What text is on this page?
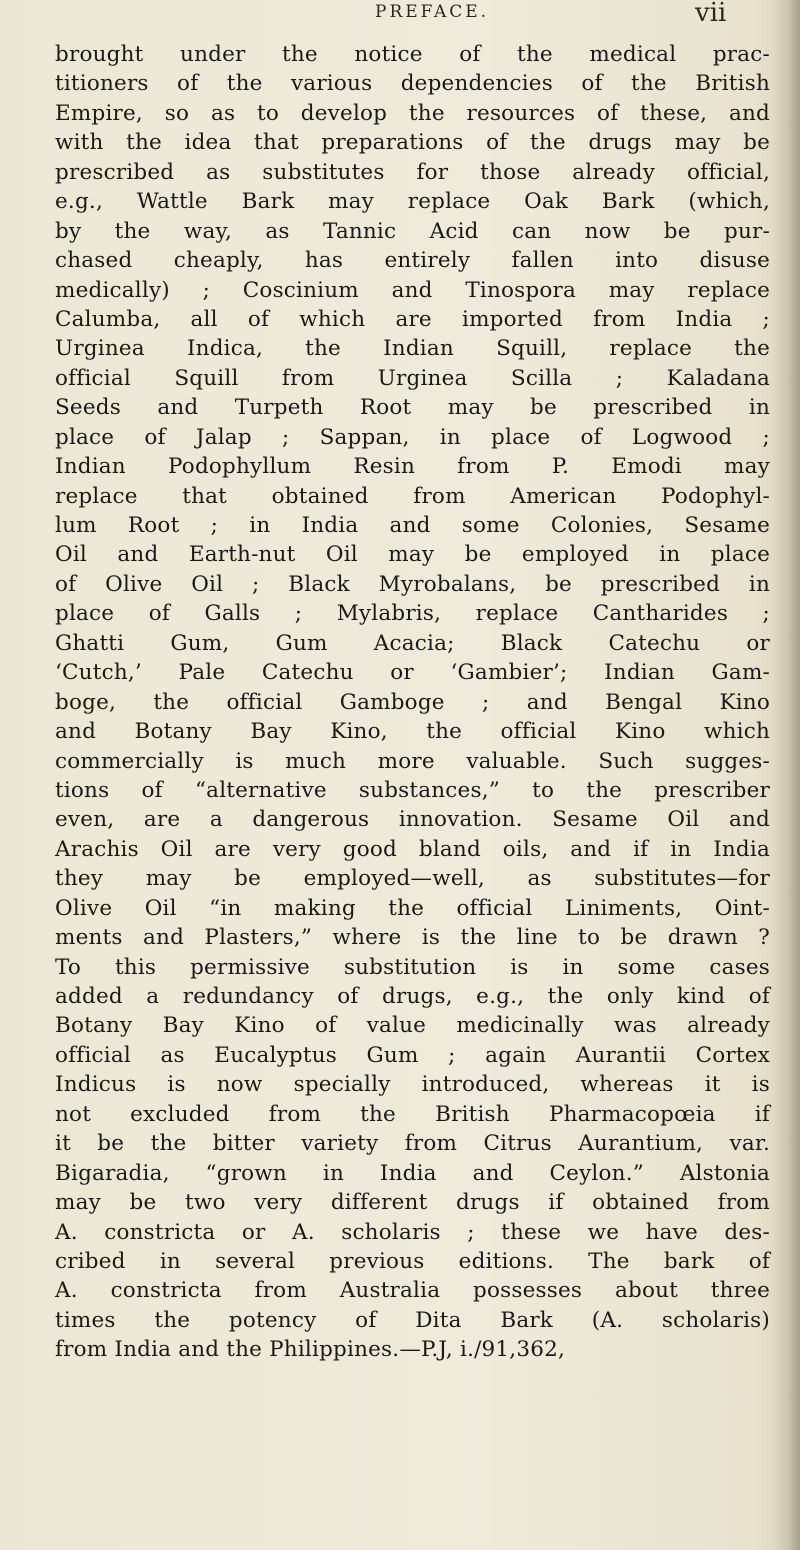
PREFACE.	vii
brought under the notice of the medical prac-
titioners of the various dependencies of the British
Empire, so as to develop the resources of these, and
with the idea that preparations of the drugs may be
prescribed as substitutes for those already official,
e.g., Wattle Bark may replace Oak Bark (which,
by the way, as Tannic Acid can now be pur-
chased cheaply, has entirely fallen into disuse
medically) ; Coscinium and Tinospora may replace
Calumba, all of which are imported from India ;
Urginea Indica, the Indian Squill, replace the
official Squill from Urginea Scilla ; Kaladana
Seeds and Turpeth Root may be prescribed in
place of Jalap ; Sappan, in place of Logwood ;
Indian Podophyllum Resin from P. Emodi may
replace that obtained from American Podophyl-
lum Root ; in India and some Colonies, Sesame
Oil and Earth-nut Oil may be employed in place
of Olive Oil ; Black Myrobalans, be prescribed in
place of Galls ; Mylabris, replace Cantharides ;
Ghatti Gum, Gum Acacia; Black Catechu or
‘Cutch,’ Pale Catechu or ‘Gambier’; Indian Gam-
boge, the official Gamboge ; and Bengal Kino
and Botany Bay Kino, the official Kino which
commercially is much more valuable. Such sugges-
tions of “alternative substances,” to the prescriber
even, are a dangerous innovation. Sesame Oil and
Arachis Oil are very good bland oils, and if in India
they may be employed—well, as substitutes—for
Olive Oil “in making the official Liniments, Oint-
ments and Plasters,” where is the line to be drawn ?
To this permissive substitution is in some cases
added a redundancy of drugs, e.g., the only kind of
Botany Bay Kino of value medicinally was already
official as Eucalyptus Gum ; again Aurantii Cortex
Indicus is now specially introduced, whereas it is
not excluded from the British Pharmacopœia if
it be the bitter variety from Citrus Aurantium, var.
Bigaradia, “grown in India and Ceylon.” Alstonia
may be two very different drugs if obtained from
A. constricta or A. scholaris ; these we have des-
cribed in several previous editions. The bark of
A. constricta from Australia possesses about three
times the potency of Dita Bark (A. scholaris)
from India and the Philippines.—P.J, i./91,362,
